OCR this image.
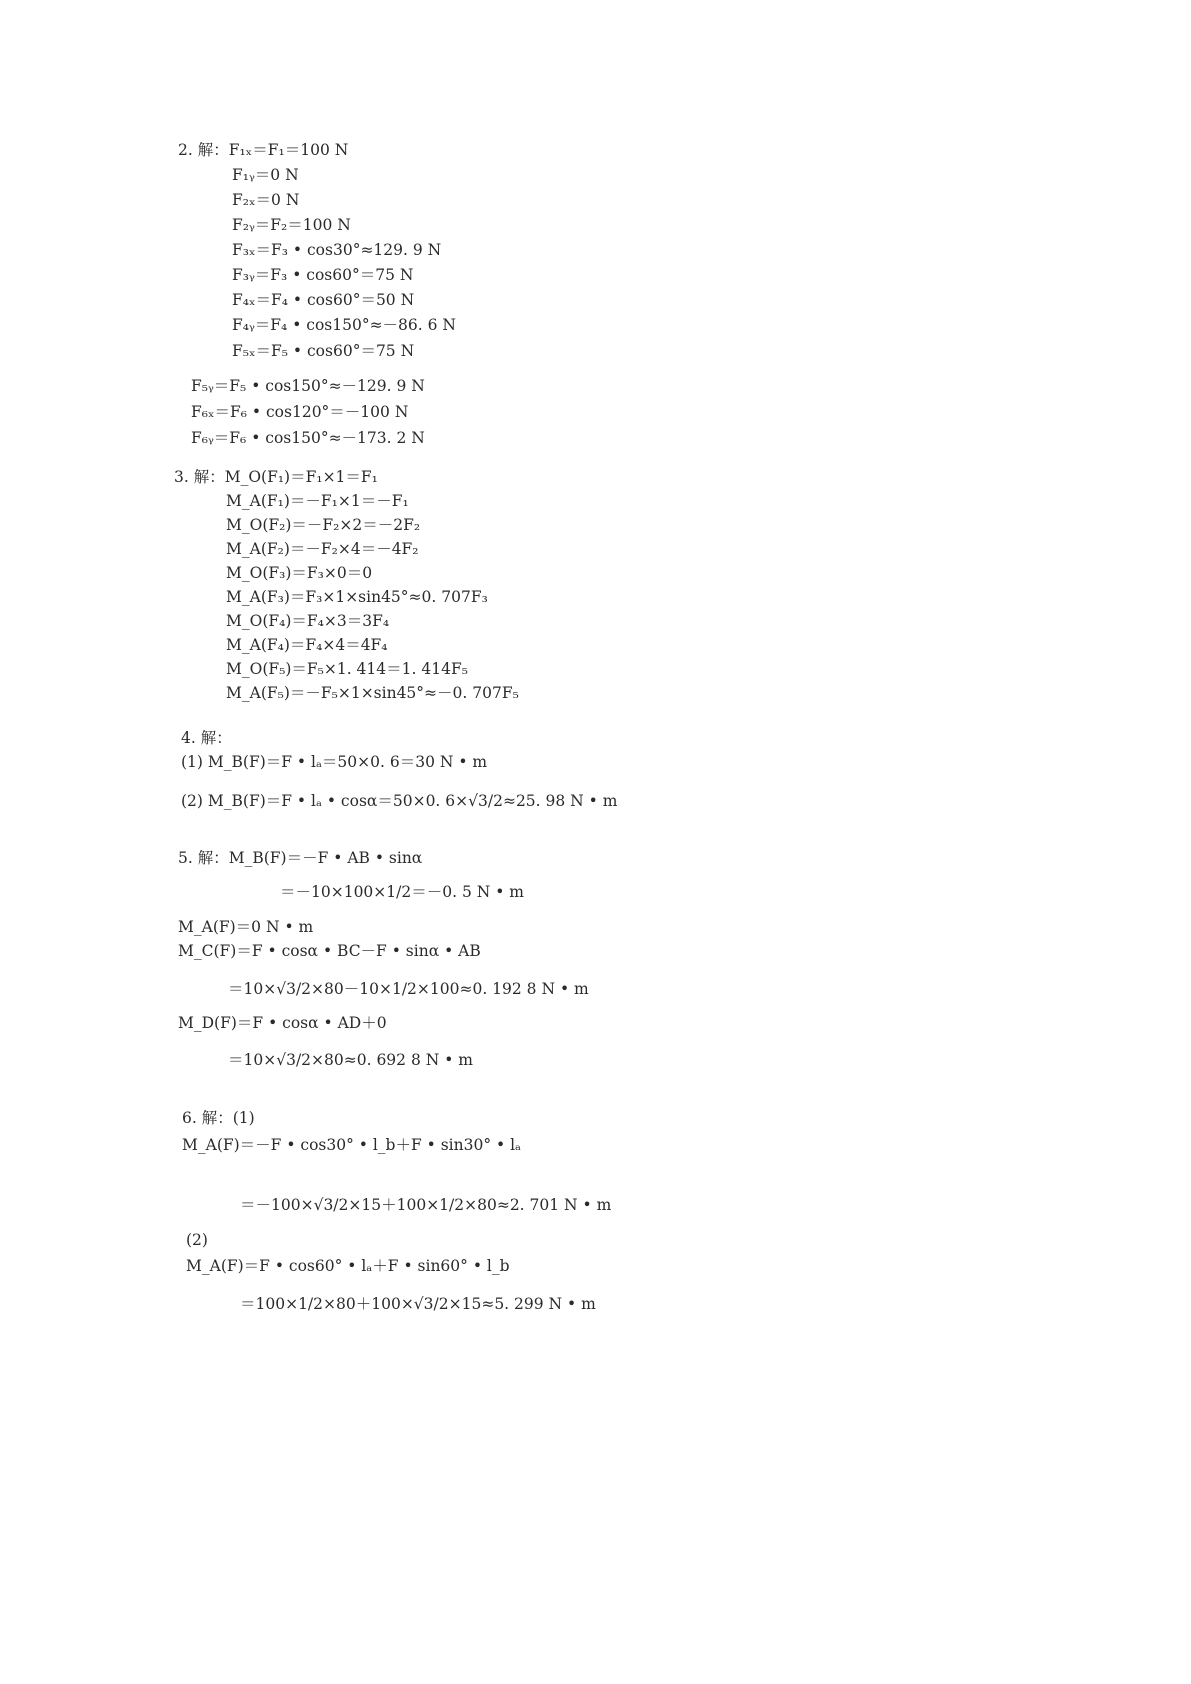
2. 解：F₁ₓ＝F₁＝100 N
F₁ᵧ＝0 N
F₂ₓ＝0 N
F₂ᵧ＝F₂＝100 N
F₃ₓ＝F₃ • cos30°≈129. 9 N
F₃ᵧ＝F₃ • cos60°＝75 N
F₄ₓ＝F₄ • cos60°＝50 N
F₄ᵧ＝F₄ • cos150°≈－86. 6 N
F₅ₓ＝F₅ • cos60°＝75 N
F₅ᵧ＝F₅ • cos150°≈－129. 9 N
F₆ₓ＝F₆ • cos120°＝－100 N
F₆ᵧ＝F₆ • cos150°≈－173. 2 N
3. 解：M_O(F₁)＝F₁×1＝F₁
M_A(F₁)＝－F₁×1＝－F₁
M_O(F₂)＝－F₂×2＝－2F₂
M_A(F₂)＝－F₂×4＝－4F₂
M_O(F₃)＝F₃×0＝0
M_A(F₃)＝F₃×1×sin45°≈0. 707F₃
M_O(F₄)＝F₄×3＝3F₄
M_A(F₄)＝F₄×4＝4F₄
M_O(F₅)＝F₅×1. 414＝1. 414F₅
M_A(F₅)＝－F₅×1×sin45°≈－0. 707F₅
4. 解：
(1) M_B(F)＝F • lₐ＝50×0. 6＝30 N • m
(2) M_B(F)＝F • lₐ • cosα＝50×0. 6×√3/2≈25. 98 N • m
5. 解：M_B(F)＝－F • AB • sinα
＝－10×100×1/2＝－0. 5 N • m
M_A(F)＝0 N • m
M_C(F)＝F • cosα • BC－F • sinα • AB
＝10×√3/2×80－10×1/2×100≈0. 192 8 N • m
M_D(F)＝F • cosα • AD＋0
＝10×√3/2×80≈0. 692 8 N • m
6. 解：(1)
M_A(F)＝－F • cos30° • l_b＋F • sin30° • lₐ
＝－100×√3/2×15＋100×1/2×80≈2. 701 N • m
(2)
M_A(F)＝F • cos60° • lₐ＋F • sin60° • l_b
＝100×1/2×80＋100×√3/2×15≈5. 299 N • m
